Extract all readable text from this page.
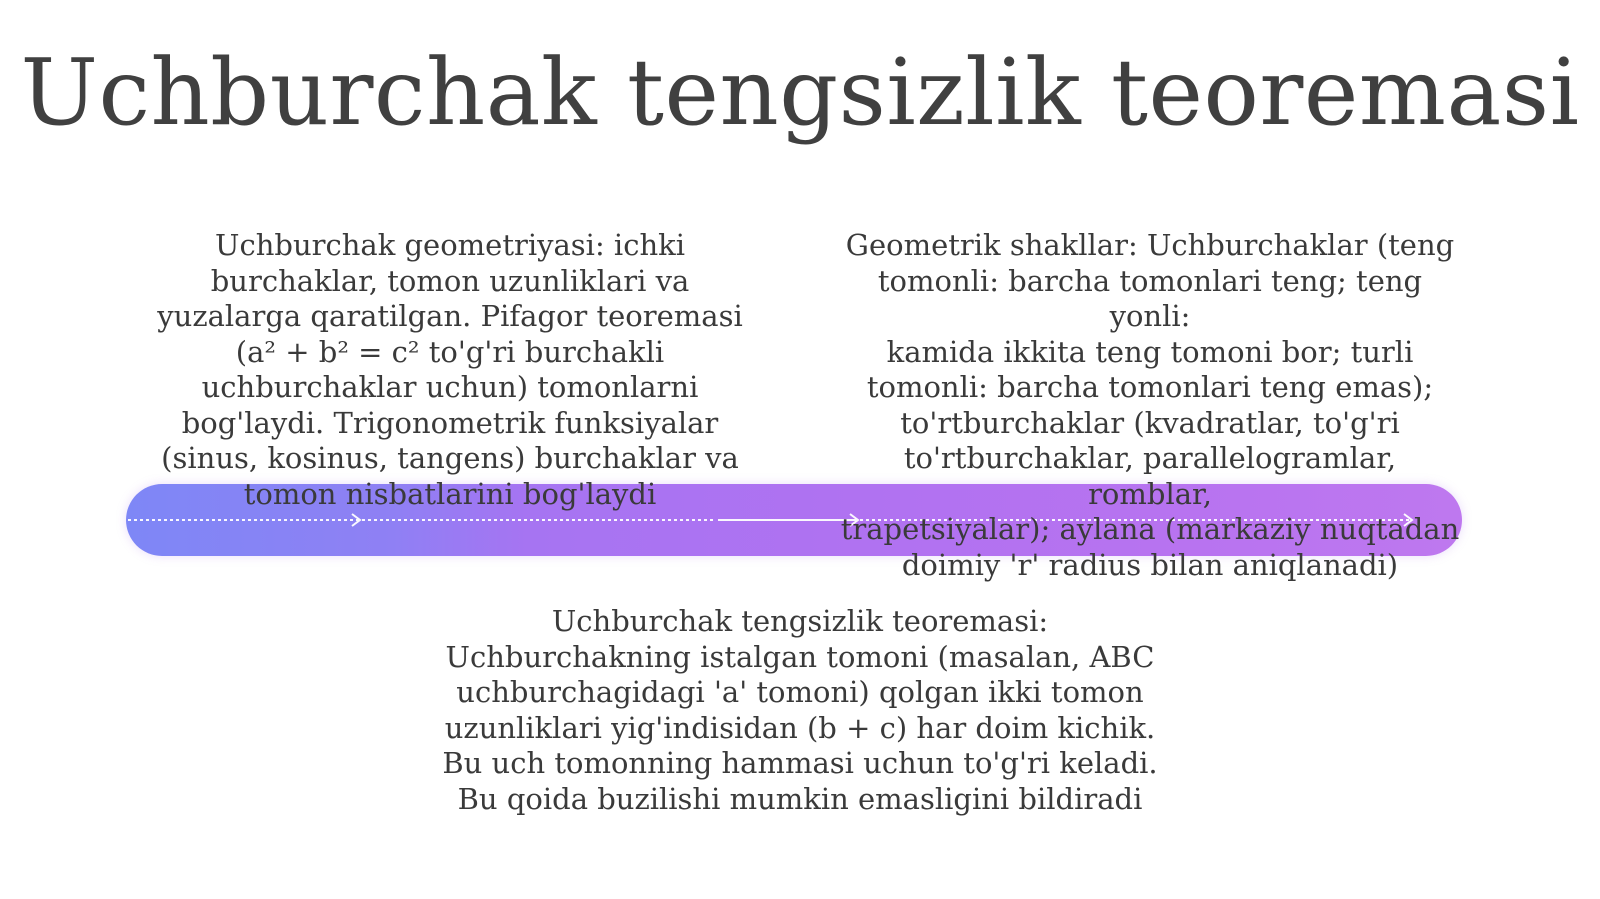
Uchburchak tengsizlik teoremasi
Uchburchak geometriyasi: ichki
burchaklar, tomon uzunliklari va
yuzalarga qaratilgan. Pifagor teoremasi
(a² + b² = c² to'g'ri burchakli
uchburchaklar uchun) tomonlarni
bog'laydi. Trigonometrik funksiyalar
(sinus, kosinus, tangens) burchaklar va
tomon nisbatlarini bog'laydi
Geometrik shakllar: Uchburchaklar (teng
tomonli: barcha tomonlari teng; teng yonli:
kamida ikkita teng tomoni bor; turli
tomonli: barcha tomonlari teng emas);
to'rtburchaklar (kvadratlar, to'g'ri
to'rtburchaklar, parallelogramlar, romblar,
trapetsiyalar); aylana (markaziy nuqtadan
doimiy 'r' radius bilan aniqlanadi)
Uchburchak tengsizlik teoremasi:
Uchburchakning istalgan tomoni (masalan, ABC
uchburchagidagi 'a' tomoni) qolgan ikki tomon
uzunliklari yig'indisidan (b + c) har doim kichik.
Bu uch tomonning hammasi uchun to'g'ri keladi.
Bu qoida buzilishi mumkin emasligini bildiradi
